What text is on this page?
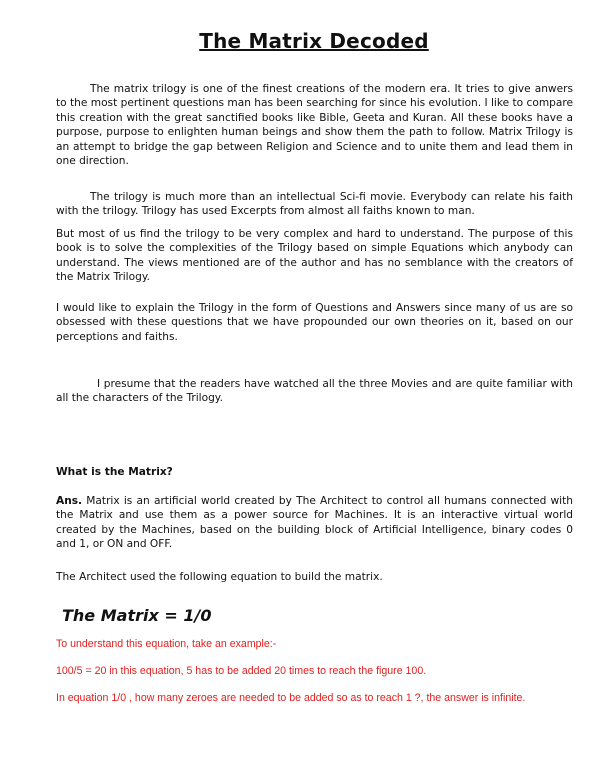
The Matrix Decoded
The matrix trilogy is one of the finest creations of the modern era. It tries to give anwers to the most pertinent questions man has been searching for since his evolution. I like to compare this creation with the great sanctified books like Bible, Geeta and Kuran. All these books have a purpose, purpose to enlighten human beings and show them the path to follow. Matrix Trilogy is an attempt to bridge the gap between Religion and Science and to unite them and lead them in one direction.
The trilogy is much more than an intellectual Sci-fi movie. Everybody can relate his faith with the trilogy. Trilogy has used Excerpts from almost all faiths known to man.
But most of us find the trilogy to be very complex and hard to understand. The purpose of this book is to solve the complexities of the Trilogy based on simple Equations which anybody can understand. The views mentioned are of the author and has no semblance with the creators of the Matrix Trilogy.
I would like to explain the Trilogy in the form of Questions and Answers since many of us are so obsessed with these questions that we have propounded our own theories on it, based on our perceptions and faiths.
I presume that the readers have watched all the three Movies and are quite familiar with all the characters of the Trilogy.
What is the Matrix?
Ans. Matrix is an artificial world created by The Architect to control all humans connected with the Matrix and use them as a power source for Machines. It is an interactive virtual world created by the Machines, based on the building block of Artificial Intelligence, binary codes 0 and 1, or ON and OFF.
The Architect used the following equation to build the matrix.
The Matrix = 1/0
To understand this equation, take an example:-
100/5 = 20 in this equation, 5 has to be added 20 times to reach the figure 100.
In equation 1/0 , how many zeroes are needed to be added so as to reach 1 ?, the answer is infinite.
